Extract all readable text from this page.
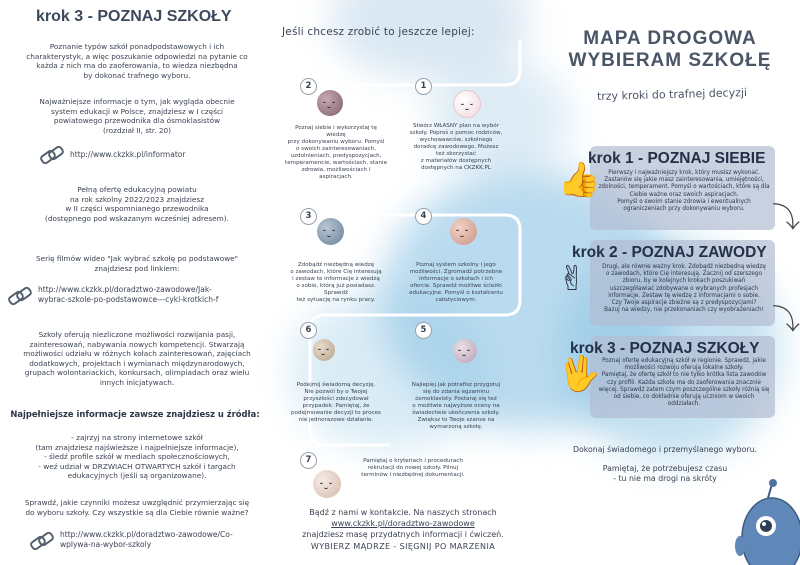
krok 3 - POZNAJ SZKOŁY
Poznanie typów szkół ponadpodstawowych i ich
charakterystyk, a więc poszukanie odpowiedzi na pytanie co
każda z nich ma do zaoferowania, to wiedza niezbędna
by dokonać trafnego wyboru.
Najważniejsze informacje o tym, jak wygląda obecnie
system edukacji w Polsce, znajdziesz w I części
powiatowego przewodnika dla ósmoklasistów
(rozdział II, str. 20)
http://www.ckzkk.pl/informator
Pełną ofertę edukacyjną powiatu
na rok szkolny 2022/2023 znajdziesz
w II części wspomnianego przewodnika
(dostępnego pod wskazanym wcześniej adresem).
Serię filmów wideo "Jak wybrać szkołę po podstawowe"
znajdziesz pod linkiem:
http://www.ckzkk.pl/doradztwo-zawodowe/Jak-
wybrac-szkole-po-podstawowce---cykl-krotkich-f
Szkoły oferują niezliczone możliwości rozwijania pasji,
zainteresowań, nabywania nowych kompetencji. Stwarzają
możliwości udziału w różnych kołach zainteresowań, zajęciach
dodatkowych, projektach i wymianach międzynarodowych,
grupach wolontariackich, konkursach, olimpiadach oraz wielu
innych inicjatywach.
Najpełniejsze informacje zawsze znajdziesz u źródła:
- zajrzyj na strony internetowe szkół
(tam znajdziesz najświeższe i najpełniejsze informacje),
- śledź profile szkół w mediach społecznościowych,
- weź udział w DRZWIACH OTWARTYCH szkół i targach
edukacyjnych (jeśli są organizowane).
Sprawdź, jakie czynniki możesz uwzględnić przymierzając się
do wyboru szkoły. Czy wszystkie są dla Ciebie równie ważne?
http://www.ckzkk.pl/doradztwo-zawodowe/Co-
wplywa-na-wybor-szkoly
Jeśli chcesz zrobić to jeszcze lepiej:
2	1
3	4
6	5
7
Poznaj siebie i wykorzystaj tę wiedzę
przy dokonywaniu wyboru. Pomyśl
o swoich zainteresowaniach,
uzdolnieniach, predyspozycjach,
temperamencie, wartościach, stanie
zdrowia, możliwościach i aspiracjach.
Stwórz WŁASNY plan na wybór
szkoły. Poproś o pomoc rodziców,
wychowawców, szkolnego
doradcę zawodowego. Możesz
też skorzystać
z materiałów dostępnych
dostępnych na CKZKK.PL
Zdobądź niezbędną wiedzę
o zawodach, które Cię interesują
i zestaw te informacje z wiedzą
o sobie, którą już posiadasz. Sprawdź
też sytuację na rynku pracy.
Poznaj system szkolny i jego
możliwości. Zgromadź potrzebne
informacje o szkołach i ich
ofercie. Sprawdź możliwe ścieżki
edukacyjne. Pomyśl o kształceniu
całożyciowym.
Podejmij świadomą decyzję.
Nie pozwól by o Twojej
przyszłości zdecydował
przypadek. Pamiętaj, że
podejmowanie decyzji to proces
nie jednorazowe działanie.
Najlepiej jak potrafisz przygotuj
się do zdania egzaminu
ósmoklasisty. Postaraj się też
o możliwie najwyższe oceny na
świadectwie ukończenia szkoły.
Zwiększ to Twoje szanse na
wymarzoną szkołę.
Pamiętaj o kryteriach i procedurach
rekrutacji do nowej szkoły. Pilnuj
terminów i niezbędnej dokumentacji.
Bądź z nami w kontakcie. Na naszych stronach
www.ckzkk.pl/doradztwo-zawodowe
znajdziesz masę przydatnych informacji i ćwiczeń.
WYBIERZ MĄDRZE - SIĘGNIJ PO MARZENIA
MAPA DROGOWA
WYBIERAM SZKOŁĘ
trzy kroki do trafnej decyzji
krok 1 - POZNAJ SIEBIE
👍	Pierwszy i najważniejszy krok, który musisz wykonać.
Zastanów się jakie masz zainteresowania, umiejętności,
zdolności, temperament. Pomyśl o wartościach, które są dla
Ciebie ważne oraz swoich aspiracjach.
Pomyśl o swoim stanie zdrowia i ewentualnych
ograniczeniach przy dokonywaniu wyboru. ⤵
krok 2 - POZNAJ ZAWODY
✌	Drugi, ale równie ważny krok. Zdobądź niezbędną wiedzę
o zawodach, które Cię interesują. Zacznij od szerszego
zbioru, by w kolejnych krokach poszukiwań
uszczegóławiać zdobywane o wybranych profesjach
informacje. Zestaw tę wiedzę z informacjami o sobie.
Czy Twoje aspiracje zbieżne są z predyspozycjami?
Bazuj na wiedzy, nie przekonaniach czy wyobrażeniach! ⤵
krok 3 - POZNAJ SZKOŁY
🖖 Poznaj ofertę edukacyjną szkół w regionie. Sprawdź, jakie
możliwości rozwoju oferują lokalne szkoły.
Pamiętaj, że ofertę szkół to nie tylko krótka lista zawodów
czy profili. Każda szkoła ma do zaoferowania znacznie
więcej. Sprawdź zatem czym poszczególne szkoły różnią się
od siebie, co dokładnie oferują uczniom w swoich
oddziałach.
Dokonaj świadomego i przemyślanego wyboru.
Pamiętaj, że potrzebujesz czasu
- tu nie ma drogi na skróty
